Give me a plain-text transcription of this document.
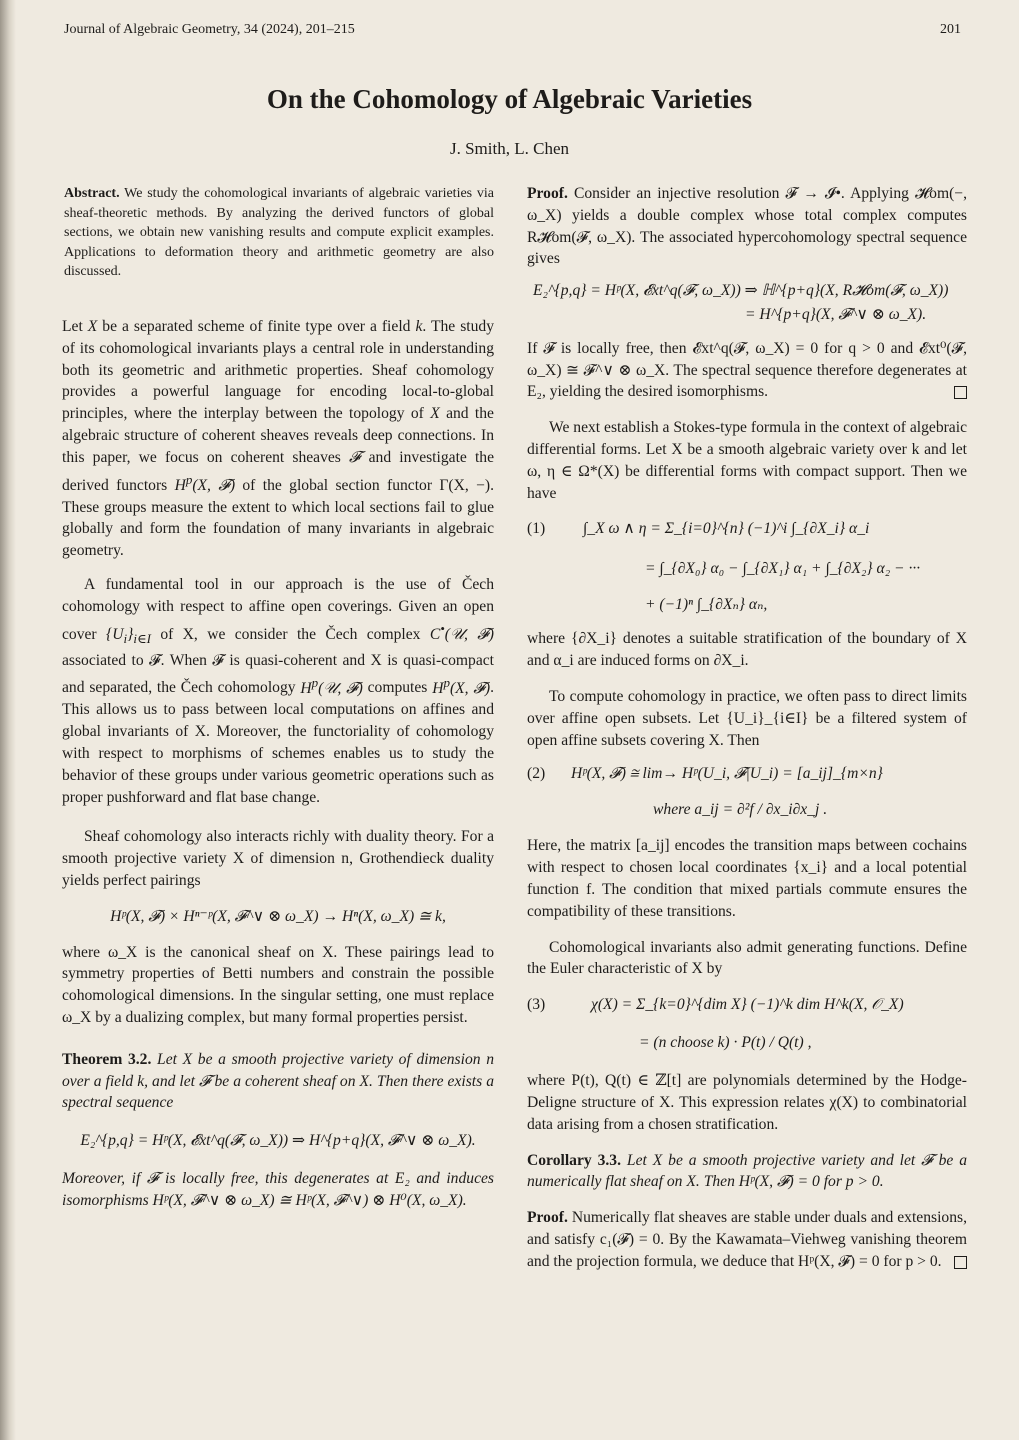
Journal of Algebraic Geometry, 34 (2024), 201–215	201
On the Cohomology of Algebraic Varieties
J. Smith, L. Chen

Abstract. We study the cohomological invariants of algebraic varieties via sheaf-theoretic methods. By analyzing the derived functors of global sections, we obtain new vanishing results and compute explicit examples. Applications to deformation theory and arithmetic geometry are also discussed.

Let X be a separated scheme of finite type over a field k. The study of its cohomological invariants plays a central role in understanding both its geometric and arithmetic properties. Sheaf cohomology provides a powerful language for encoding local-to-global principles, where the interplay between the topology of X and the algebraic structure of coherent sheaves reveals deep connections. In this paper, we focus on coherent sheaves 𝓕 and investigate the derived functors $H^p(X$, 𝓕) of the global section functor Γ(X, −). These groups measure the extent to which local sections fail to glue globally and form the foundation of many invariants in algebraic geometry.

A fundamental tool in our approach is the use of Čech cohomology with respect to affine open coverings. Given an open cover $\{U_i\}_{i\in I}$ of X, we consider the Čech complex C•(𝒰, 𝓕) associated to 𝓕. When 𝓕 is quasi-coherent and X is quasi-compact and separated, the Čech cohomology $H^p(𝒰$, 𝓕) computes $H^p(X$, 𝓕). This allows us to pass between local computations on affines and global invariants of X. Moreover, the functoriality of cohomology with respect to morphisms of schemes enables us to study the behavior of these groups under various geometric operations such as proper pushforward and flat base change.

Sheaf cohomology also interacts richly with duality theory. For a smooth projective variety X of dimension n, Grothendieck duality yields perfect pairings

Hᵖ(X, 𝓕) × Hⁿ⁻ᵖ(X, 𝓕^∨ ⊗ ω_X) → Hⁿ(X, ω_X) ≅ k,

where ω_X is the canonical sheaf on X. These pairings lead to symmetry properties of Betti numbers and constrain the possible cohomological dimensions. In the singular setting, one must replace ω_X by a dualizing complex, but many formal properties persist.

Theorem 3.2. Let X be a smooth projective variety of dimension n over a field k, and let 𝓕 be a coherent sheaf on X. Then there exists a spectral sequence

E₂^{p,q} = Hᵖ(X, 𝓔xt^q(𝓕, ω_X)) ⇒ H^{p+q}(X, 𝓕^∨ ⊗ ω_X).

Moreover, if 𝓕 is locally free, this degenerates at E₂ and induces isomorphisms Hᵖ(X, 𝓕^∨ ⊗ ω_X) ≅ Hᵖ(X, 𝓕^∨) ⊗ H⁰(X, ω_X).

Proof. Consider an injective resolution 𝓕 → 𝓘•. Applying 𝓗om(−, ω_X) yields a double complex whose total complex computes R𝓗om(𝓕, ω_X). The associated hypercohomology spectral sequence gives

E₂^{p,q} = Hᵖ(X, 𝓔xt^q(𝓕, ω_X)) ⇒ ℍ^{p+q}(X, R𝓗om(𝓕, ω_X))
= H^{p+q}(X, 𝓕^∨ ⊗ ω_X).

If 𝓕 is locally free, then 𝓔xt^q(𝓕, ω_X) = 0 for q > 0 and 𝓔xt⁰(𝓕, ω_X) ≅ 𝓕^∨ ⊗ ω_X. The spectral sequence therefore degenerates at E₂, yielding the desired isomorphisms.

We next establish a Stokes-type formula in the context of algebraic differential forms. Let X be a smooth algebraic variety over k and let ω, η ∈ Ω*(X) be differential forms with compact support. Then we have

(1) ∫_X ω ∧ η = Σ_{i=0}^{n} (−1)^i ∫_{∂X_i} α_i
= ∫_{∂X₀} α₀ − ∫_{∂X₁} α₁ + ∫_{∂X₂} α₂ − ···
+ (−1)ⁿ ∫_{∂Xₙ} αₙ,

where {∂X_i} denotes a suitable stratification of the boundary of X and α_i are induced forms on ∂X_i.

To compute cohomology in practice, we often pass to direct limits over affine open subsets. Let {U_i}_{i∈I} be a filtered system of open affine subsets covering X. Then

(2) Hᵖ(X, 𝓕) ≅ lim→ Hᵖ(U_i, 𝓕|U_i) = [a_ij]_{m×n}
where a_ij = ∂²f / ∂x_i∂x_j .

Here, the matrix [a_ij] encodes the transition maps between cochains with respect to chosen local coordinates {x_i} and a local potential function f. The condition that mixed partials commute ensures the compatibility of these transitions.

Cohomological invariants also admit generating functions. Define the Euler characteristic of X by

(3)	χ(X) = Σ_{k=0}^{dim X} (−1)^k dim H^k(X, 𝒪_X)
= (n choose k) · P(t) / Q(t) ,

where P(t), Q(t) ∈ ℤ[t] are polynomials determined by the Hodge-Deligne structure of X. This expression relates χ(X) to combinatorial data arising from a chosen stratification.

Corollary 3.3. Let X be a smooth projective variety and let 𝓕 be a numerically flat sheaf on X. Then Hᵖ(X, 𝓕) = 0 for p > 0.

Proof. Numerically flat sheaves are stable under duals and extensions, and satisfy c₁(𝓕) = 0. By the Kawamata–Viehweg vanishing theorem and the projection formula, we deduce that Hᵖ(X, 𝓕) = 0 for p > 0.
